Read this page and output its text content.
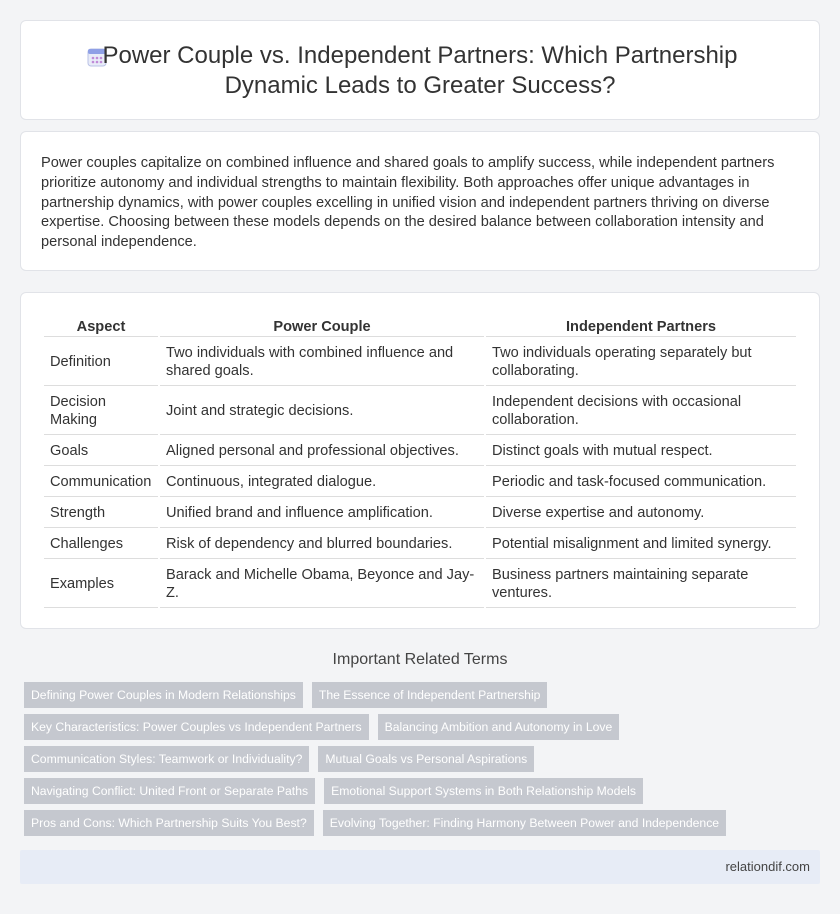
Power Couple vs. Independent Partners: Which Partnership Dynamic Leads to Greater Success?

Power couples capitalize on combined influence and shared goals to amplify success, while independent partners prioritize autonomy and individual strengths to maintain flexibility. Both approaches offer unique advantages in partnership dynamics, with power couples excelling in unified vision and independent partners thriving on diverse expertise. Choosing between these models depends on the desired balance between collaboration intensity and personal independence.

Aspect	Power Couple	Independent Partners
Definition	Two individuals with combined influence and shared goals.	Two individuals operating separately but collaborating.
Decision Making	Joint and strategic decisions.	Independent decisions with occasional collaboration.
Goals	Aligned personal and professional objectives.	Distinct goals with mutual respect.
Communication	Continuous, integrated dialogue.	Periodic and task-focused communication.
Strength	Unified brand and influence amplification.	Diverse expertise and autonomy.
Challenges	Risk of dependency and blurred boundaries.	Potential misalignment and limited synergy.
Examples	Barack and Michelle Obama, Beyonce and Jay-Z.	Business partners maintaining separate ventures.
Important Related Terms
Defining Power Couples in Modern Relationships	The Essence of Independent Partnership
Key Characteristics: Power Couples vs Independent Partners	Balancing Ambition and Autonomy in Love
Communication Styles: Teamwork or Individuality?	Mutual Goals vs Personal Aspirations
Navigating Conflict: United Front or Separate Paths	Emotional Support Systems in Both Relationship Models
Pros and Cons: Which Partnership Suits You Best?	Evolving Together: Finding Harmony Between Power and Independence
relationdif.com
